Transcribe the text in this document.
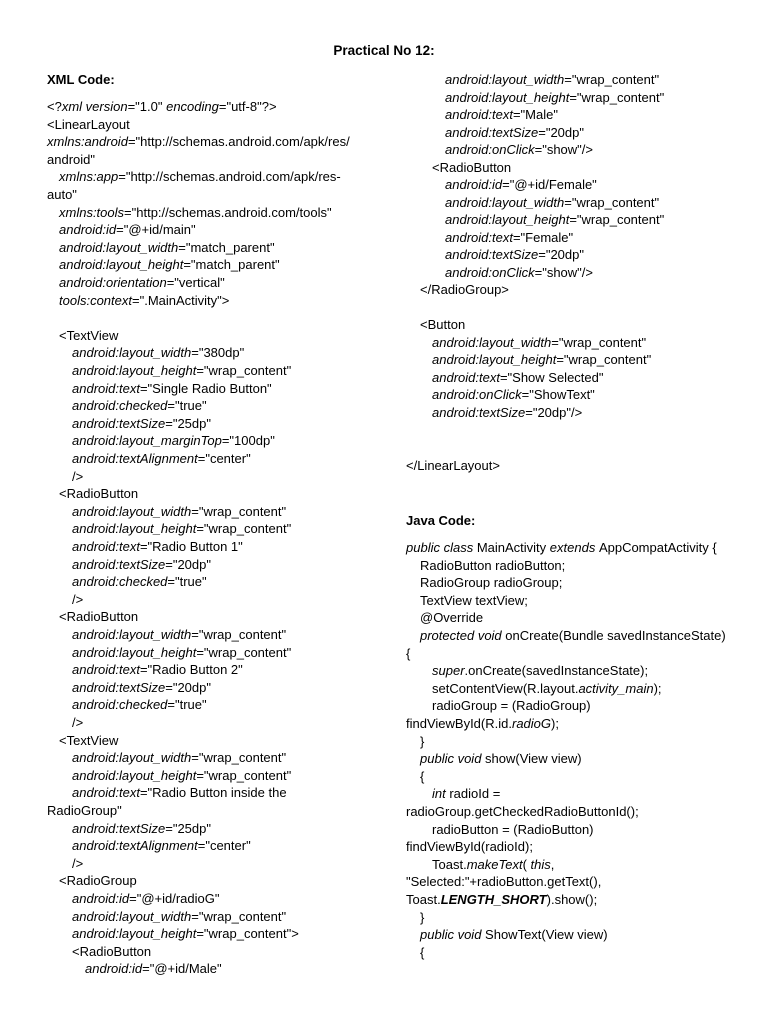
Practical No 12:
XML Code:
<?xml version="1.0" encoding="utf-8"?>
<LinearLayout
xmlns:android="http://schemas.android.com/apk/res/
android"
xmlns:app="http://schemas.android.com/apk/res-
auto"
xmlns:tools="http://schemas.android.com/tools"
android:id="@+id/main"
android:layout_width="match_parent"
android:layout_height="match_parent"
android:orientation="vertical"
tools:context=".MainActivity">
<TextView
android:layout_width="380dp"
android:layout_height="wrap_content"
android:text="Single Radio Button"
android:checked="true"
android:textSize="25dp"
android:layout_marginTop="100dp"
android:textAlignment="center"
/>
<RadioButton
android:layout_width="wrap_content"
android:layout_height="wrap_content"
android:text="Radio Button 1"
android:textSize="20dp"
android:checked="true"
/>
<RadioButton
android:layout_width="wrap_content"
android:layout_height="wrap_content"
android:text="Radio Button 2"
android:textSize="20dp"
android:checked="true"
/>
<TextView
android:layout_width="wrap_content"
android:layout_height="wrap_content"
android:text="Radio Button inside the
RadioGroup"
android:textSize="25dp"
android:textAlignment="center"
/>
<RadioGroup
android:id="@+id/radioG"
android:layout_width="wrap_content"
android:layout_height="wrap_content">
<RadioButton
android:id="@+id/Male"
</LinearLayout>
Java Code:
android:layout_width="wrap_content"
android:layout_height="wrap_content"
android:text="Male"
android:textSize="20dp"
android:onClick="show"/>
<RadioButton
android:id="@+id/Female"
android:layout_width="wrap_content"
android:layout_height="wrap_content"
android:text="Female"
android:textSize="20dp"
android:onClick="show"/>
</RadioGroup>
<Button
android:layout_width="wrap_content"
android:layout_height="wrap_content"
android:text="Show Selected"
android:onClick="ShowText"
android:textSize="20dp"/>
public class MainActivity extends AppCompatActivity {
RadioButton radioButton;
RadioGroup radioGroup;
TextView textView;
@Override
protected void onCreate(Bundle savedInstanceState)
{
super.onCreate(savedInstanceState);
setContentView(R.layout.activity_main);
radioGroup = (RadioGroup)
findViewById(R.id.radioG);
}
public void show(View view)
{
int radioId =
radioGroup.getCheckedRadioButtonId();
radioButton = (RadioButton)
findViewById(radioId);
Toast.makeText( this,
"Selected:"+radioButton.getText(),
Toast.LENGTH_SHORT).show();
}
public void ShowText(View view)
{
